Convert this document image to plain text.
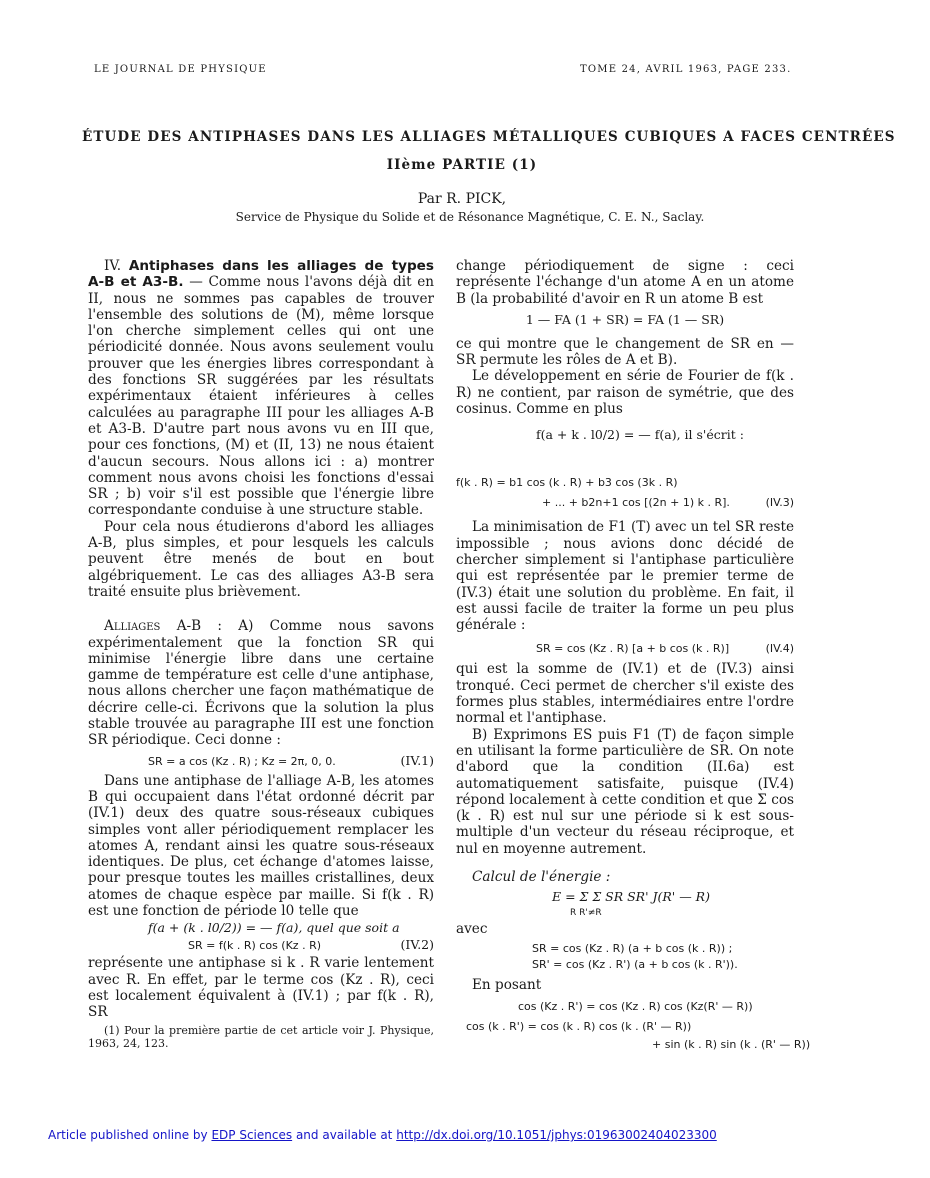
LE JOURNAL DE PHYSIQUE	TOME 24, AVRIL 1963, PAGE 233.
ÉTUDE DES ANTIPHASES DANS LES ALLIAGES MÉTALLIQUES CUBIQUES A FACES CENTRÉES
IIème PARTIE (1)
Par R. PICK,
Service de Physique du Solide et de Résonance Magnétique, C. E. N., Saclay.

IV. Antiphases dans les alliages de types A-B et A3-B. — Comme nous l'avons déjà dit en II, nous ne sommes pas capables de trouver l'ensemble des solutions de (M), même lorsque l'on cherche simplement celles qui ont une périodicité donnée. Nous avons seulement voulu prouver que les énergies libres correspondant à des fonctions SR suggérées par les résultats expérimentaux étaient inférieures à celles calculées au paragraphe III pour les alliages A-B et A3-B. D'autre part nous avons vu en III que, pour ces fonctions, (M) et (II, 13) ne nous étaient d'aucun secours. Nous allons ici : a) montrer comment nous avons choisi les fonctions d'essai SR ; b) voir s'il est possible que l'énergie libre correspondante conduise à une structure stable.

Pour cela nous étudierons d'abord les alliages A-B, plus simples, et pour lesquels les calculs peuvent être menés de bout en bout algébriquement. Le cas des alliages A3-B sera traité ensuite plus brièvement.

Alliages A-B : A) Comme nous savons expérimentalement que la fonction SR qui minimise l'énergie libre dans une certaine gamme de température est celle d'une antiphase, nous allons chercher une façon mathématique de décrire celle-ci. Écrivons que la solution la plus stable trouvée au paragraphe III est une fonction SR périodique. Ceci donne :

SR = a cos (Kz . R) ; Kz = 2π, 0, 0.	(IV.1)

Dans une antiphase de l'alliage A-B, les atomes B qui occupaient dans l'état ordonné décrit par (IV.1) deux des quatre sous-réseaux cubiques simples vont aller périodiquement remplacer les atomes A, rendant ainsi les quatre sous-réseaux identiques. De plus, cet échange d'atomes laisse, pour presque toutes les mailles cristallines, deux atomes de chaque espèce par maille. Si f(k . R) est une fonction de période l0 telle que

f(a + (k . l0/2)) = — f(a), quel que soit a
SR = f(k . R) cos (Kz . R)	(IV.2)

représente une antiphase si k . R varie lentement avec R. En effet, par le terme cos (Kz . R), ceci est localement équivalent à (IV.1) ; par f(k . R), SR

(1) Pour la première partie de cet article voir J. Physique, 1963, 24, 123.

change périodiquement de signe : ceci représente l'échange d'un atome A en un atome B (la probabilité d'avoir en R un atome B est

1 — FA (1 + SR) = FA (1 — SR)

ce qui montre que le changement de SR en — SR permute les rôles de A et B).

Le développement en série de Fourier de f(k . R) ne contient, par raison de symétrie, que des cosinus. Comme en plus

f(a + k . l0/2) = — f(a), il s'écrit :
f(k . R) = b1 cos (k . R) + b3 cos (3k . R)
+ ... + b2n+1 cos [(2n + 1) k . R].	(IV.3)

La minimisation de F1 (T) avec un tel SR reste impossible ; nous avions donc décidé de chercher simplement si l'antiphase particulière qui est représentée par le premier terme de (IV.3) était une solution du problème. En fait, il est aussi facile de traiter la forme un peu plus générale :

SR = cos (Kz . R) [a + b cos (k . R)]	(IV.4)

qui est la somme de (IV.1) et de (IV.3) ainsi tronqué. Ceci permet de chercher s'il existe des formes plus stables, intermédiaires entre l'ordre normal et l'antiphase.

B) Exprimons ES puis F1 (T) de façon simple en utilisant la forme particulière de SR. On note d'abord que la condition (II.6a) est automatiquement satisfaite, puisque (IV.4) répond localement à cette condition et que Σ cos (k . R) est nul sur une période si k est sous-multiple d'un vecteur du réseau réciproque, et nul en moyenne autrement.

Calcul de l'énergie :
E = Σ Σ SR SR' J(R' — R)
R R'≠R
avec
SR = cos (Kz . R) (a + b cos (k . R)) ;
SR' = cos (Kz . R') (a + b cos (k . R')).
En posant
cos (Kz . R') = cos (Kz . R) cos (Kz(R' — R))
cos (k . R') = cos (k . R) cos (k . (R' — R))
+ sin (k . R) sin (k . (R' — R))
Article published online by EDP Sciences and available at http://dx.doi.org/10.1051/jphys:01963002404023300
